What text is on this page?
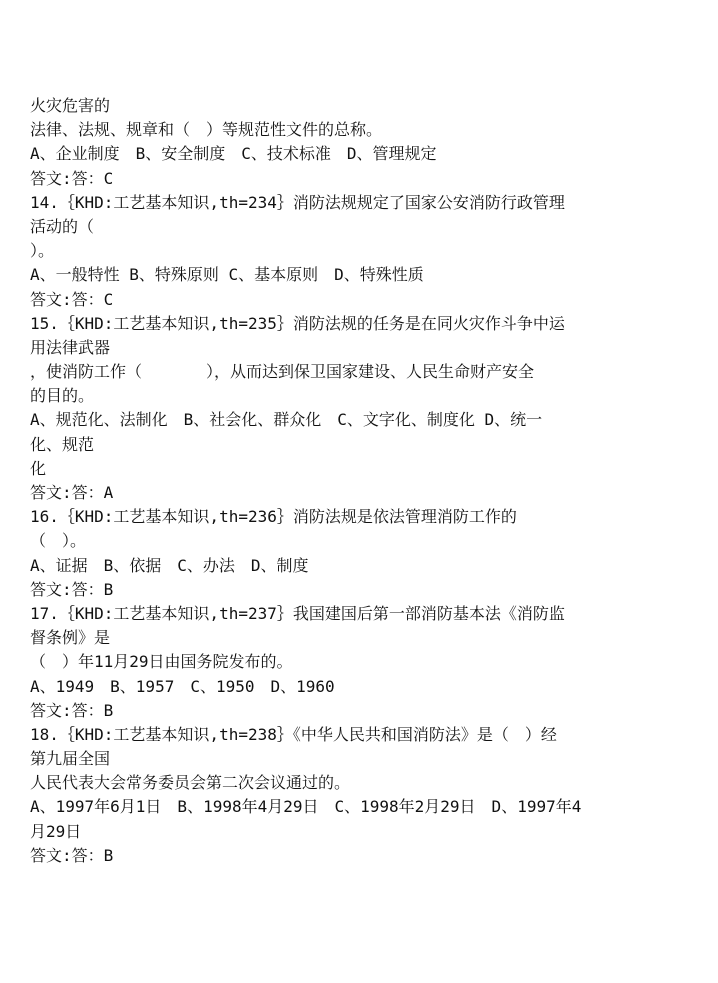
火灾危害的
法律、法规、规章和（　）等规范性文件的总称。
A、企业制度　B、安全制度　C、技术标准　D、管理规定
答文:答：C
14.｛KHD:工艺基本知识,th=234｝消防法规规定了国家公安消防行政管理
活动的（
）。
A、一般特性 B、特殊原则 C、基本原则　D、特殊性质
答文:答：C
15.｛KHD:工艺基本知识,th=235｝消防法规的任务是在同火灾作斗争中运
用法律武器
，使消防工作（　　　　），从而达到保卫国家建设、人民生命财产安全
的目的。
A、规范化、法制化　B、社会化、群众化　C、文字化、制度化 D、统一
化、规范
化
答文:答：A
16.｛KHD:工艺基本知识,th=236｝消防法规是依法管理消防工作的
（　）。
A、证据　B、依据　C、办法　D、制度
答文:答：B
17.｛KHD:工艺基本知识,th=237｝我国建国后第一部消防基本法《消防监
督条例》是
（　）年11月29日由国务院发布的。
A、1949　B、1957　C、1950　D、1960
答文:答：B
18.｛KHD:工艺基本知识,th=238｝《中华人民共和国消防法》是（　）经
第九届全国
人民代表大会常务委员会第二次会议通过的。
A、1997年6月1日　B、1998年4月29日　C、1998年2月29日　D、1997年4
月29日
答文:答：B
